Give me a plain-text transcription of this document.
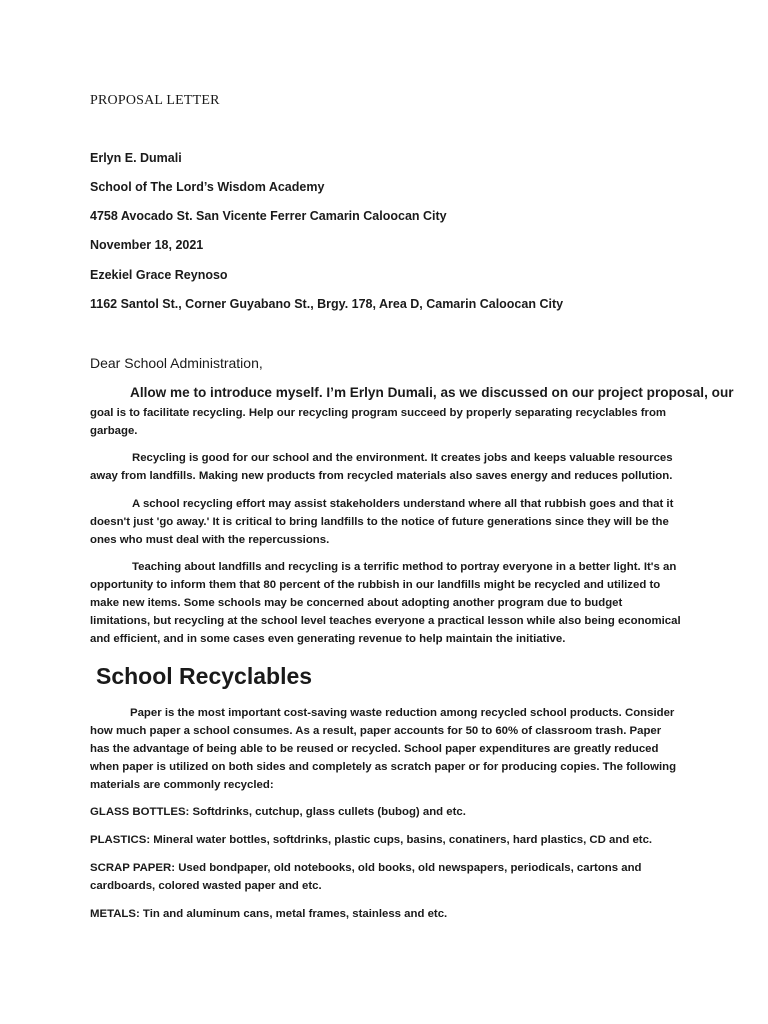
PROPOSAL LETTER

Erlyn E. Dumali

School of The Lord’s Wisdom Academy

4758 Avocado St. San Vicente Ferrer Camarin Caloocan City

November 18, 2021

Ezekiel Grace Reynoso

1162 Santol St., Corner Guyabano St., Brgy. 178, Area D, Camarin Caloocan City

Dear School Administration,

Allow me to introduce myself. I’m Erlyn Dumali, as we discussed on our project proposal, our

goal is to facilitate recycling. Help our recycling program succeed by properly separating recyclables from garbage.

Recycling is good for our school and the environment. It creates jobs and keeps valuable resources away from landfills. Making new products from recycled materials also saves energy and reduces pollution.

A school recycling effort may assist stakeholders understand where all that rubbish goes and that it doesn't just 'go away.' It is critical to bring landfills to the notice of future generations since they will be the ones who must deal with the repercussions.

Teaching about landfills and recycling is a terrific method to portray everyone in a better light. It's an opportunity to inform them that 80 percent of the rubbish in our landfills might be recycled and utilized to make new items. Some schools may be concerned about adopting another program due to budget limitations, but recycling at the school level teaches everyone a practical lesson while also being economical and efficient, and in some cases even generating revenue to help maintain the initiative.

School Recyclables

Paper is the most important cost-saving waste reduction among recycled school products. Consider how much paper a school consumes. As a result, paper accounts for 50 to 60% of classroom trash. Paper has the advantage of being able to be reused or recycled. School paper expenditures are greatly reduced when paper is utilized on both sides and completely as scratch paper or for producing copies. The following materials are commonly recycled:

GLASS BOTTLES: Softdrinks, cutchup, glass cullets (bubog) and etc.

PLASTICS: Mineral water bottles, softdrinks, plastic cups, basins, conatiners, hard plastics, CD and etc.

SCRAP PAPER: Used bondpaper, old notebooks, old books, old newspapers, periodicals, cartons and cardboards, colored wasted paper and etc.

METALS: Tin and aluminum cans, metal frames, stainless and etc.
